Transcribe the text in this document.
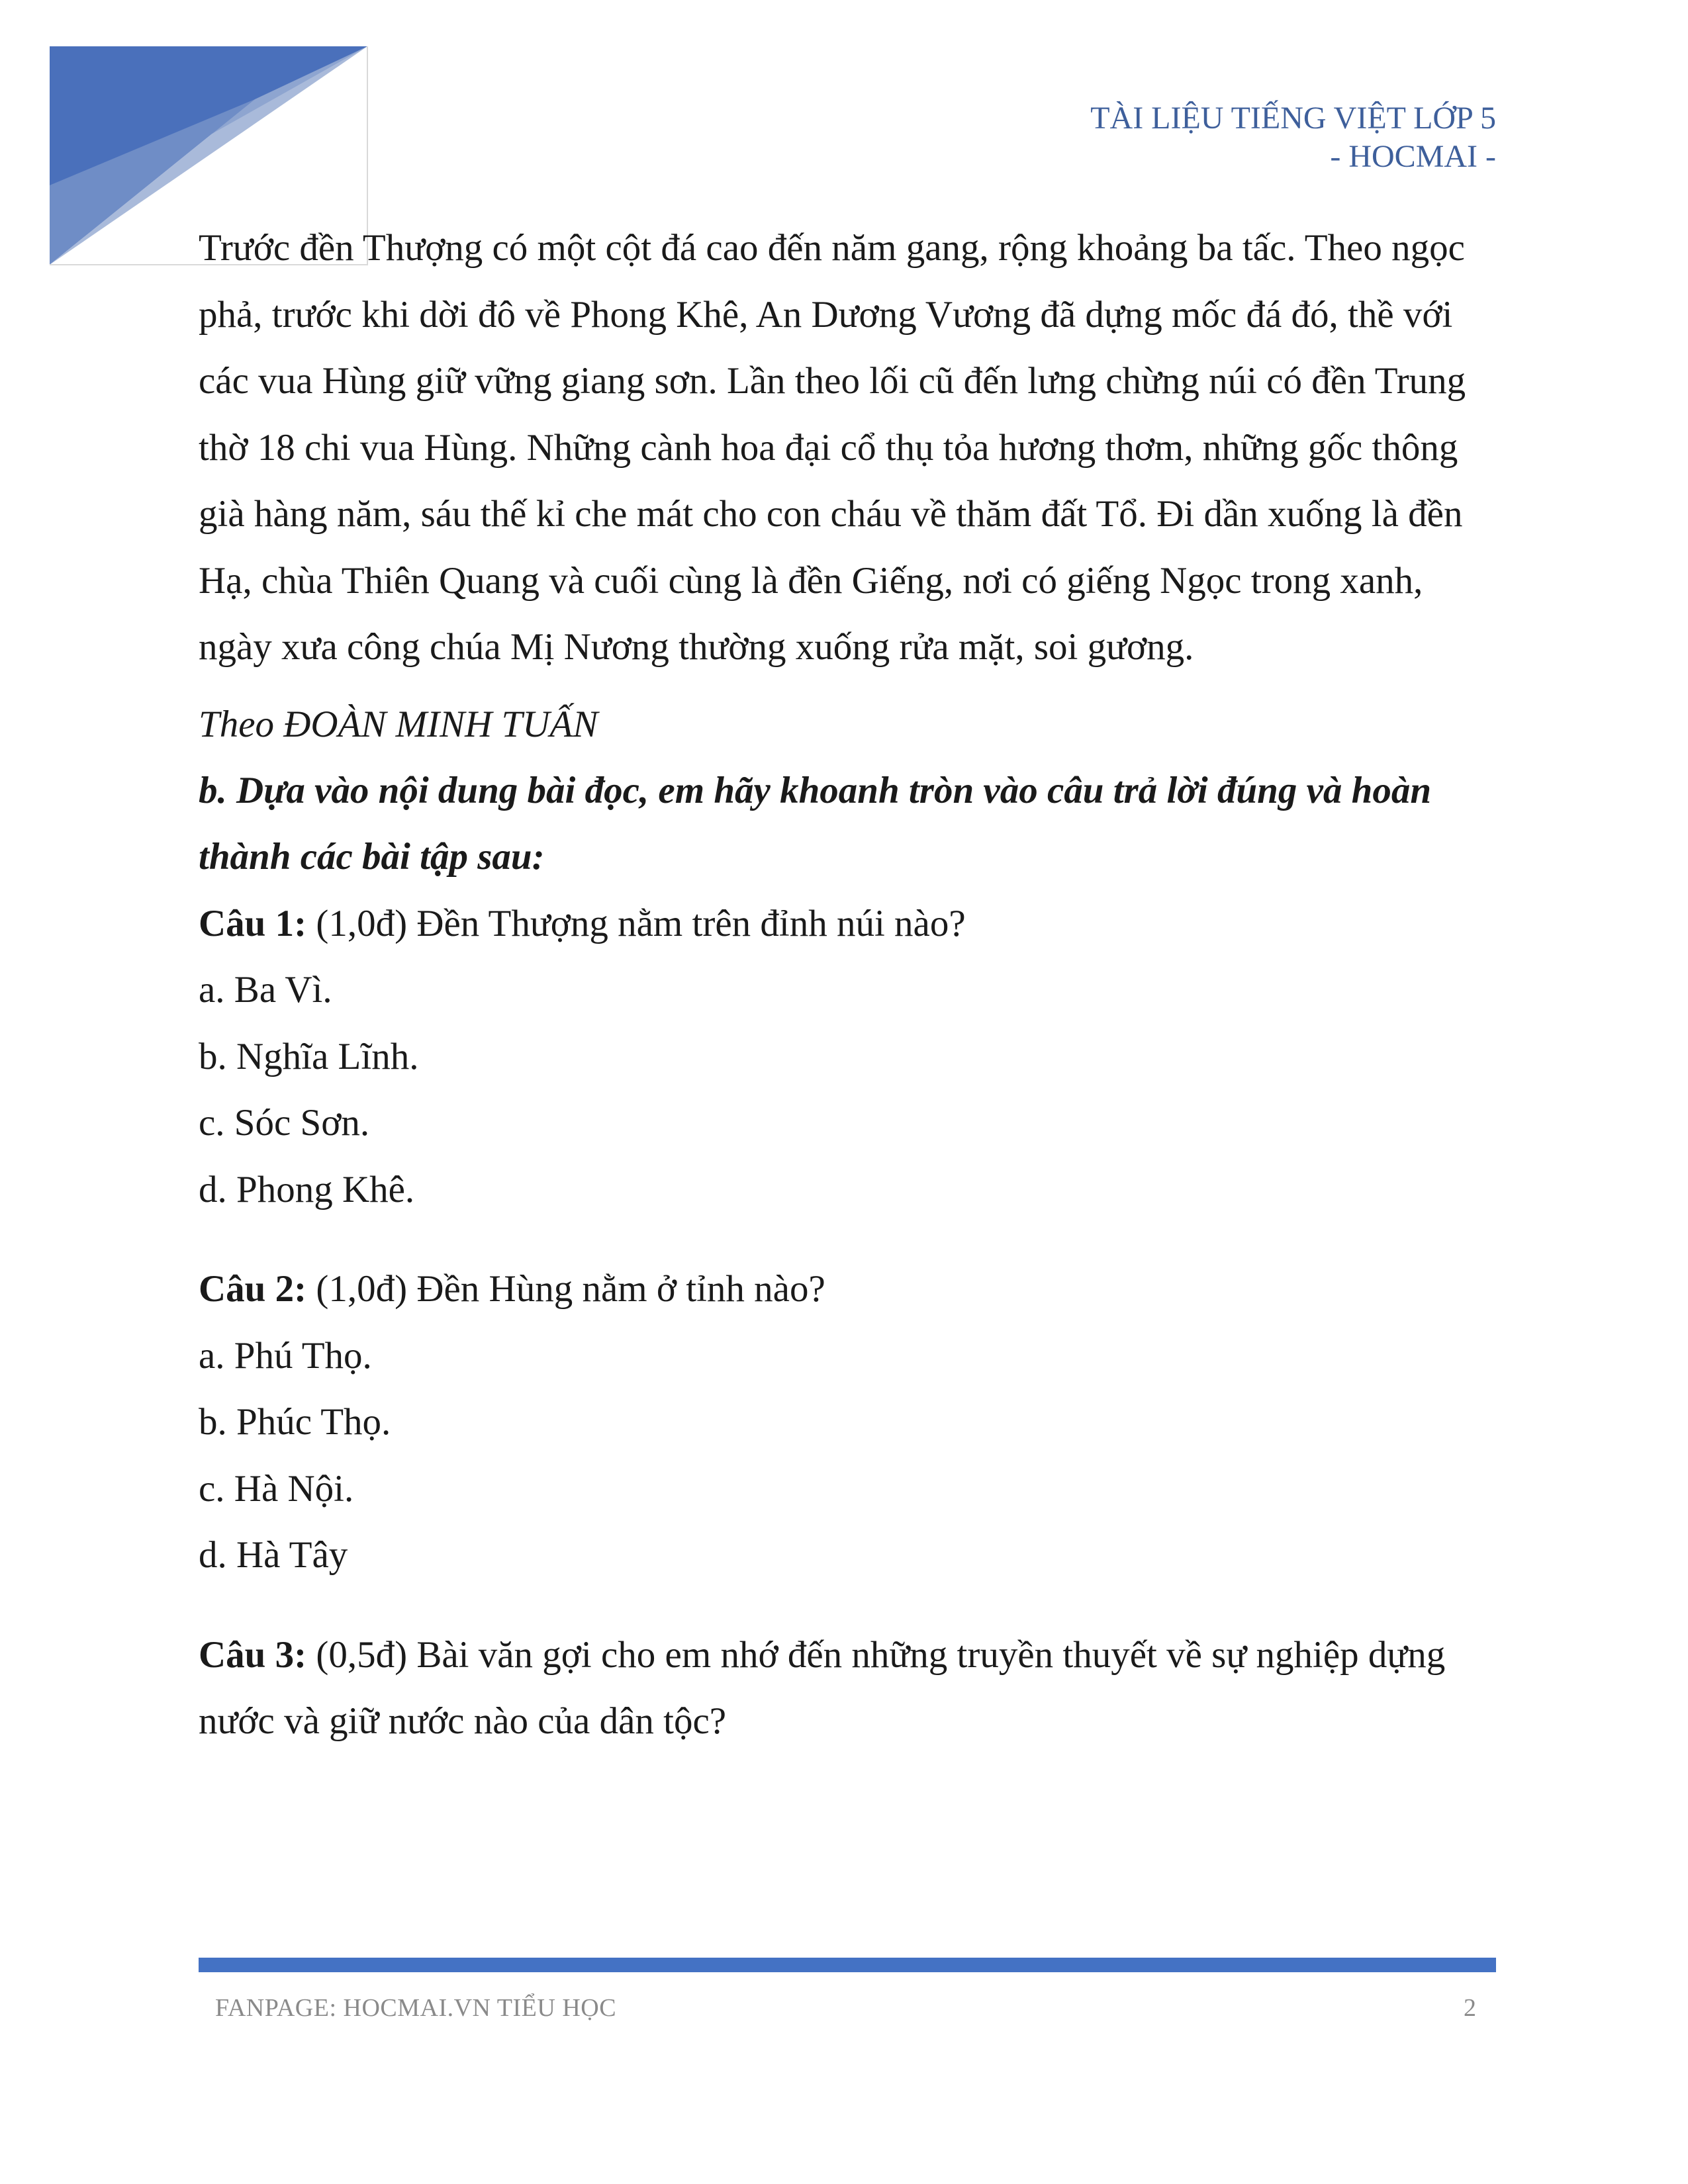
TÀI LIỆU TIẾNG VIỆT LỚP 5
- HOCMAI -

Trước đền Thượng có một cột đá cao đến năm gang, rộng khoảng ba tấc. Theo ngọc phả, trước khi dời đô về Phong Khê, An Dương Vương đã dựng mốc đá đó, thề với các vua Hùng giữ vững giang sơn. Lần theo lối cũ đến lưng chừng núi có đền Trung thờ 18 chi vua Hùng. Những cành hoa đại cổ thụ tỏa hương thơm, những gốc thông già hàng năm, sáu thế kỉ che mát cho con cháu về thăm đất Tổ. Đi dần xuống là đền Hạ, chùa Thiên Quang và cuối cùng là đền Giếng, nơi có giếng Ngọc trong xanh, ngày xưa công chúa Mị Nương thường xuống rửa mặt, soi gương.

Theo ĐOÀN MINH TUẤN

b. Dựa vào nội dung bài đọc, em hãy khoanh tròn vào câu trả lời đúng và hoàn thành các bài tập sau:

Câu 1: (1,0đ) Đền Thượng nằm trên đỉnh núi nào?

a. Ba Vì.
b. Nghĩa Lĩnh.
c. Sóc Sơn.
d. Phong Khê.

Câu 2: (1,0đ) Đền Hùng nằm ở tỉnh nào?

a. Phú Thọ.
b. Phúc Thọ.
c. Hà Nội.
d. Hà Tây

Câu 3: (0,5đ) Bài văn gợi cho em nhớ đến những truyền thuyết về sự nghiệp dựng nước và giữ nước nào của dân tộc?

FANPAGE: HOCMAI.VN TIỂU HỌC	2
